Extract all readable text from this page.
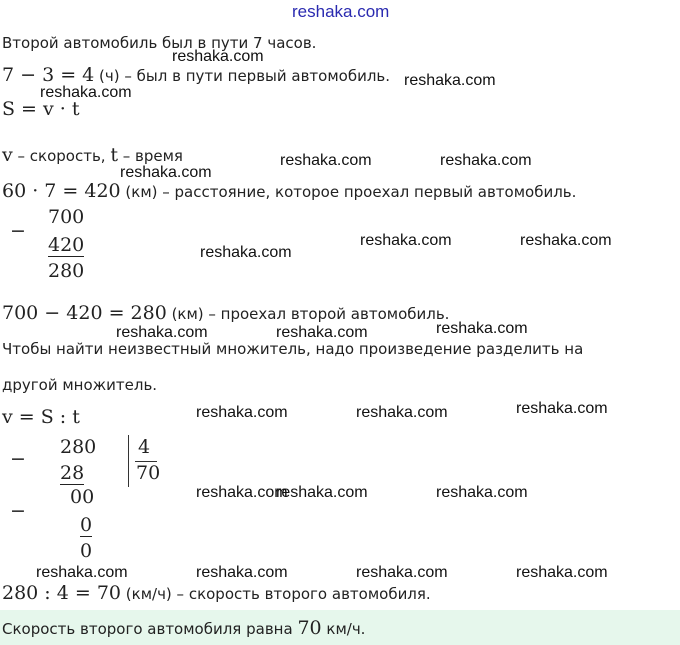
reshaka.com
Второй автомобиль был в пути 7 часов.
reshaka.com
7 − 3 = 4 (ч) – был в пути первый автомобиль. reshaka.com
reshaka.com
S = v · t
v – скорость, t – время	reshaka.com	reshaka.com
reshaka.com
60 · 7 = 420 (км) – расстояние, которое проехал первый автомобиль.
−
700
420
280
reshaka.com	reshaka.com
reshaka.com
700 − 420 = 280 (км) – проехал второй автомобиль.
reshaka.com
reshaka.com	reshaka.com
Чтобы найти неизвестный множитель, надо произведение разделить на
другой множитель.
reshaka.com
reshaka.com	reshaka.com
v = S : t
−
280
28
00
−
0
0
4
70
reshaka.com
reshaka.com	reshaka.com
reshaka.com	reshaka.com	reshaka.com	reshaka.com
280 : 4 = 70 (км/ч) – скорость второго автомобиля.
Скорость второго автомобиля равна 70 км/ч.
